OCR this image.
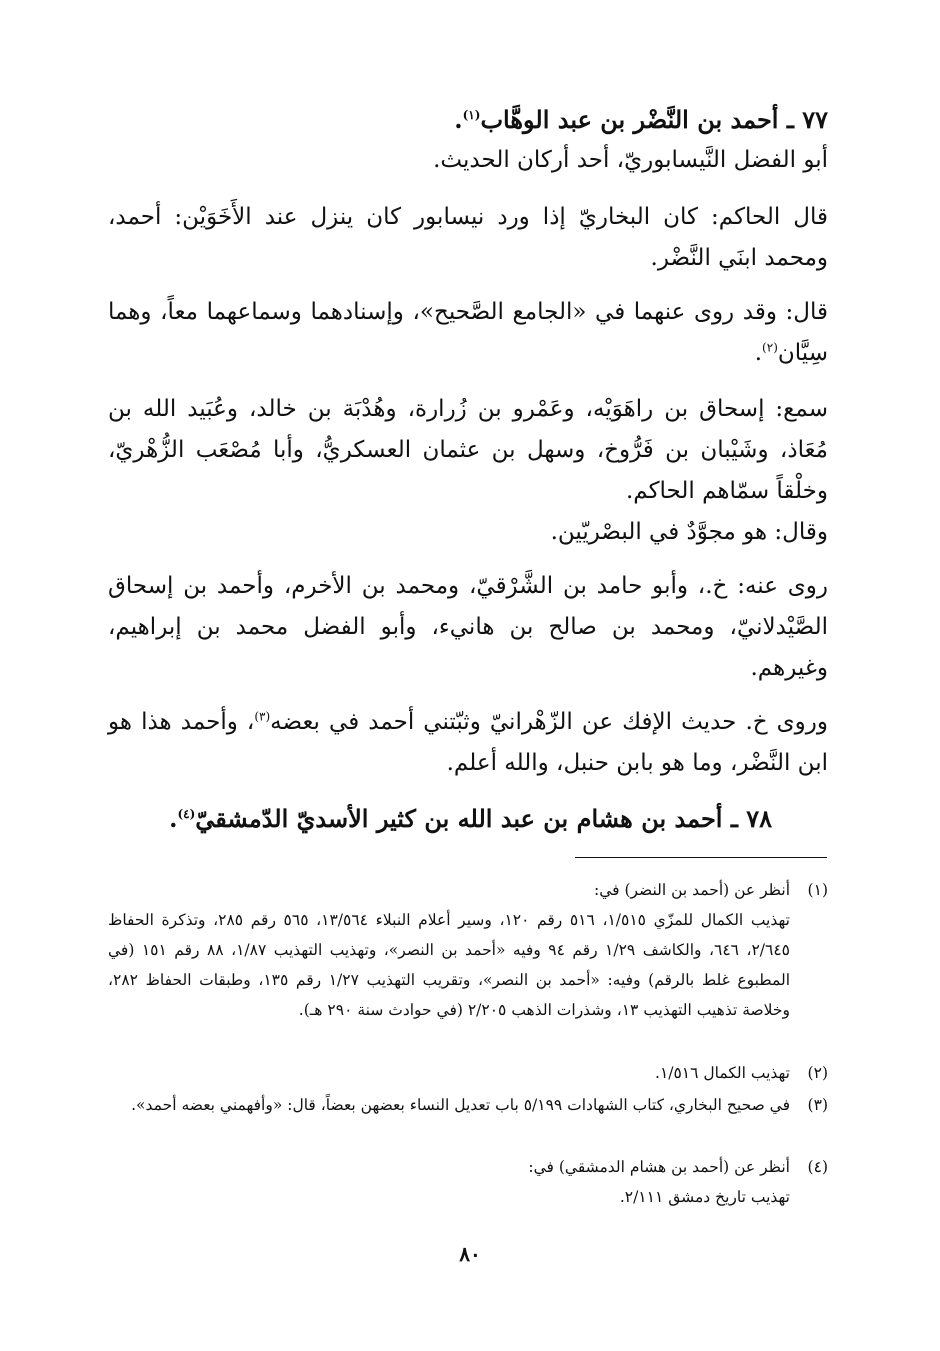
٧٧ ـ أحمد بن النَّضْر بن عبد الوهَّاب$^{(١)}$.

أبو الفضل النَّيسابوريّ، أحد أركان الحديث.

قال الحاكم: كان البخاريّ إذا ورد نيسابور كان ينزل عند الأَخَوَيْن: أحمد، ومحمد ابنَي النَّضْر.

قال: وقد روى عنهما في «الجامع الصَّحيح»، وإسنادهما وسماعهما معاً، وهما سِيَّان$^{(٢)}$.

سمع: إسحاق بن راهَوَيْه، وعَمْرو بن زُرارة، وهُدْبَة بن خالد، وعُبَيد الله بن مُعَاذ، وشَيْبان بن فَرُّوخ، وسهل بن عثمان العسكريُّ، وأبا مُصْعَب الزُّهْريّ، وخلْقاً سمّاهم الحاكم.

وقال: هو مجوَّدٌ في البصْريّين.

روى عنه: خ.، وأبو حامد بن الشَّرْقيّ، ومحمد بن الأخرم، وأحمد بن إسحاق الصَّيْدلانيّ، ومحمد بن صالح بن هانيء، وأبو الفضل محمد بن إبراهيم، وغيرهم.

وروى خ. حديث الإفك عن الزّهْرانيّ وثبّتني أحمد في بعضه$^{(٣)}$، وأحمد هذا هو ابن النَّضْر، وما هو بابن حنبل، والله أعلم.

٧٨ ـ أحمد بن هشام بن عبد الله بن كثير الأسديّ الدّمشقيّ$^{(٤)}$.

(١)
أنظر عن (أحمد بن النضر) في:
تهذيب الكمال للمزّي ١/٥١٥، ٥١٦ رقم ١٢٠، وسير أعلام النبلاء ١٣/٥٦٤، ٥٦٥ رقم ٢٨٥، وتذكرة الحفاظ ٢/٦٤٥، ٦٤٦، والكاشف ١/٢٩ رقم ٩٤ وفيه «أحمد بن النصر»، وتهذيب التهذيب ١/٨٧، ٨٨ رقم ١٥١ (في المطبوع غلط بالرقم) وفيه: «أحمد بن النصر»، وتقريب التهذيب ١/٢٧ رقم ١٣٥، وطبقات الحفاظ ٢٨٢، وخلاصة تذهيب التهذيب ١٣، وشذرات الذهب ٢/٢٠٥ (في حوادث سنة ٢٩٠ هـ).
(٢)
تهذيب الكمال ١/٥١٦.
(٣)
في صحيح البخاري، كتاب الشهادات ٥/١٩٩ باب تعديل النساء بعضهن بعضاً، قال: «وأفهمني بعضه أحمد».
(٤)
أنظر عن (أحمد بن هشام الدمشقي) في:
تهذيب تاريخ دمشق ٢/١١١.
٨٠
